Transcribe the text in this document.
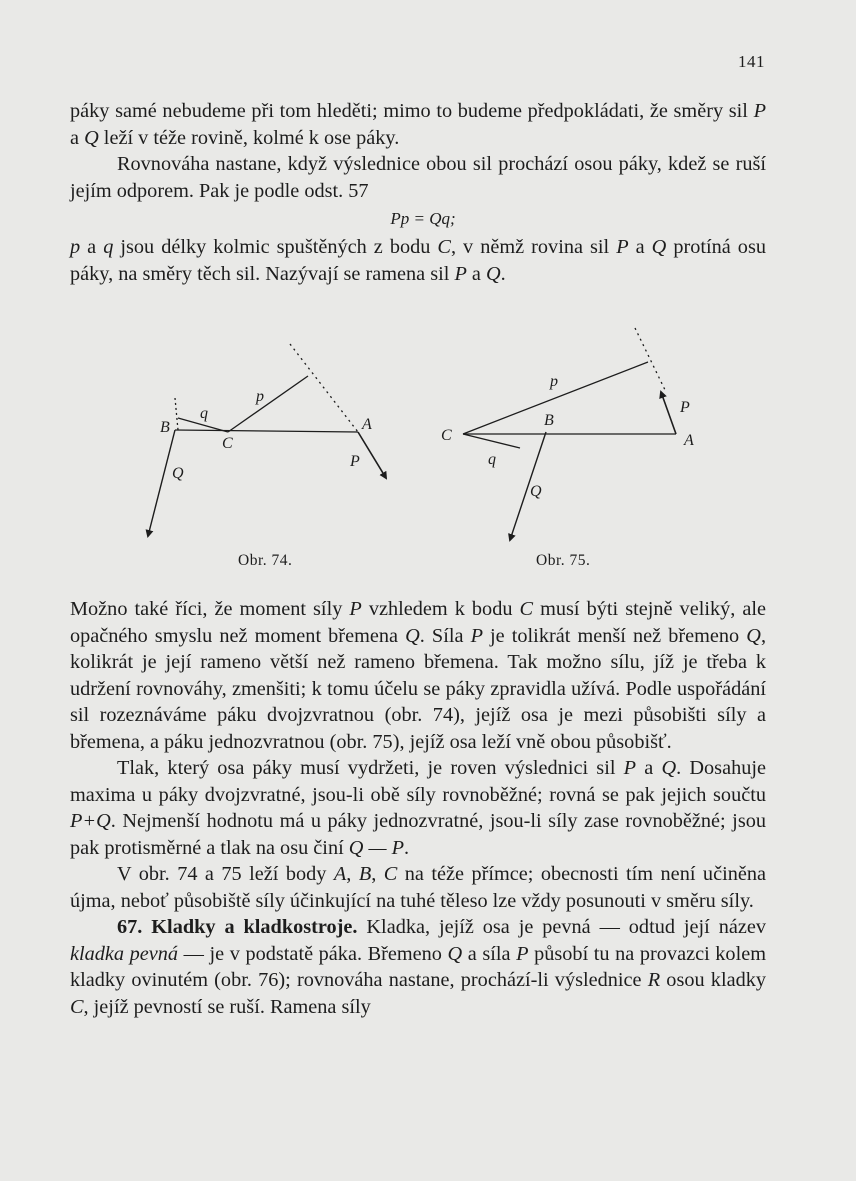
141

páky samé nebudeme při tom hleděti; mimo to budeme předpokládati, že směry sil P a Q leží v téže rovině, kolmé k ose páky.

Rovnováha nastane, když výslednice obou sil prochází osou páky, kdež se ruší jejím odporem. Pak je podle odst. 57

Pp = Qq;

p a q jsou délky kolmic spuštěných z bodu C, v němž rovina sil P a Q protíná osu páky, na směry těch sil. Nazývají se ramena sil P a Q.

B
q
p
C
A
P
Q
C
p
B
P
A
q
Q
Obr. 74.	Obr. 75.

Možno také říci, že moment síly P vzhledem k bodu C musí býti stejně veliký, ale opačného smyslu než moment břemena Q. Síla P je tolikrát menší než břemeno Q, kolikrát je její rameno větší než rameno břemena. Tak možno sílu, jíž je třeba k udržení rovnováhy, zmenšiti; k tomu účelu se páky zpravidla užívá. Podle uspořádání sil rozeznáváme páku dvojzvratnou (obr. 74), jejíž osa je mezi působišti síly a břemena, a páku jednozvratnou (obr. 75), jejíž osa leží vně obou působišť.

Tlak, který osa páky musí vydržeti, je roven výslednici sil P a Q. Dosahuje maxima u páky dvojzvratné, jsou-li obě síly rovnoběžné; rovná se pak jejich součtu P+Q. Nejmenší hodnotu má u páky jednozvratné, jsou-li síly zase rovnoběžné; jsou pak protisměrné a tlak na osu činí Q — P.

V obr. 74 a 75 leží body A, B, C na téže přímce; obecnosti tím není učiněna újma, neboť působiště síly účinkující na tuhé těleso lze vždy posunouti v směru síly.

67. Kladky a kladkostroje. Kladka, jejíž osa je pevná — odtud její název kladka pevná — je v podstatě páka. Břemeno Q a síla P působí tu na provazci kolem kladky ovinutém (obr. 76); rovnováha nastane, prochází-li výslednice R osou kladky C, jejíž pevností se ruší. Ramena síly
